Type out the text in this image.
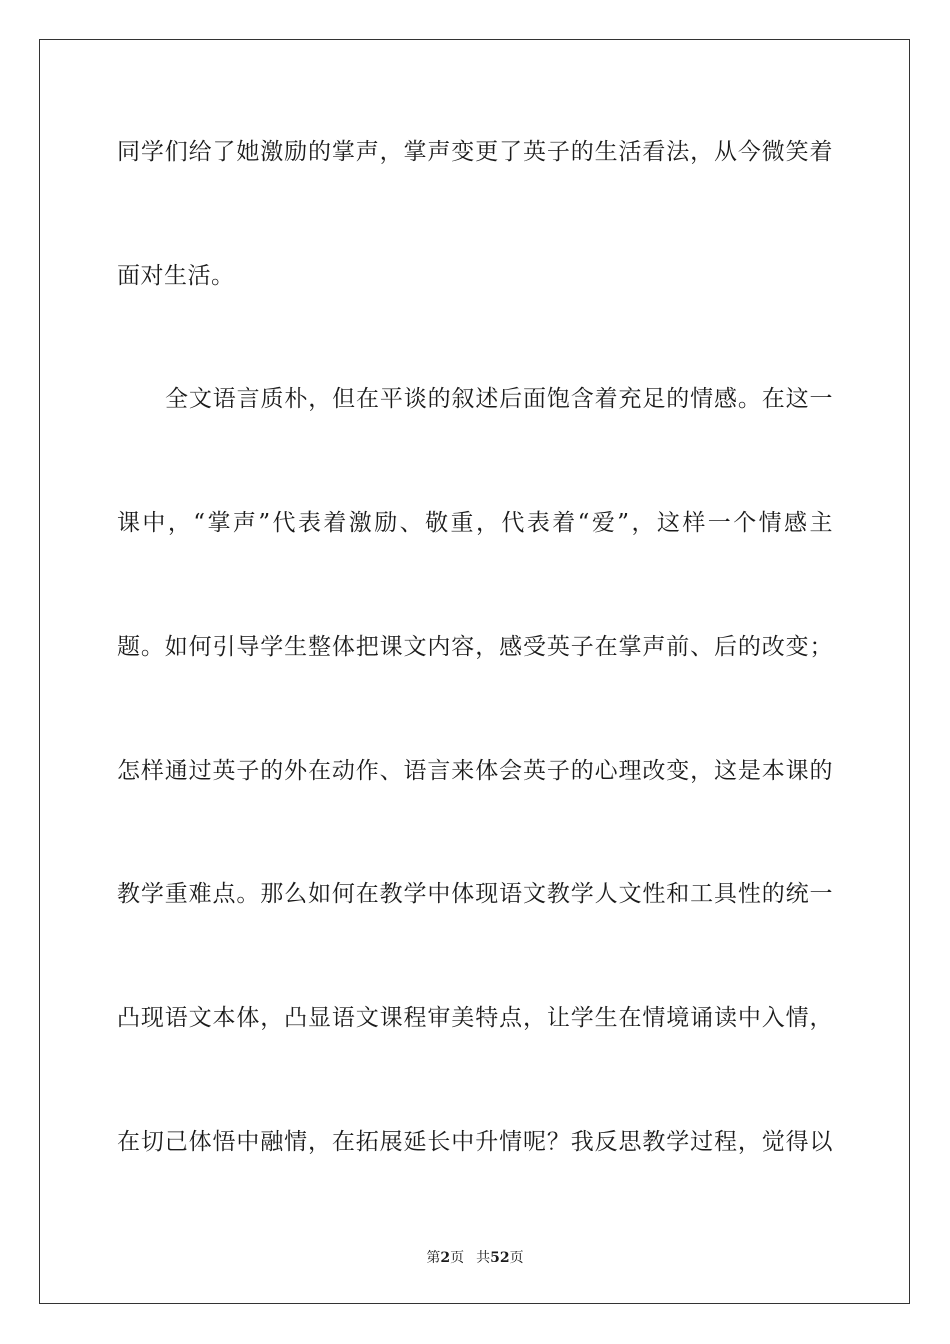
同学们给了她激励的掌声，掌声变更了英子的生活看法，从今微笑着
面对生活。
全文语言质朴，但在平谈的叙述后面饱含着充足的情感。在这一
课中，“掌声”代表着激励、敬重，代表着“爱”，这样一个情感主
题。如何引导学生整体把课文内容，感受英子在掌声前、后的改变；
怎样通过英子的外在动作、语言来体会英子的心理改变，这是本课的
教学重难点。那么如何在教学中体现语文教学人文性和工具性的统一
凸现语文本体，凸显语文课程审美特点，让学生在情境诵读中入情，
在切己体悟中融情，在拓展延长中升情呢？我反思教学过程，觉得以
第2页 共52页
